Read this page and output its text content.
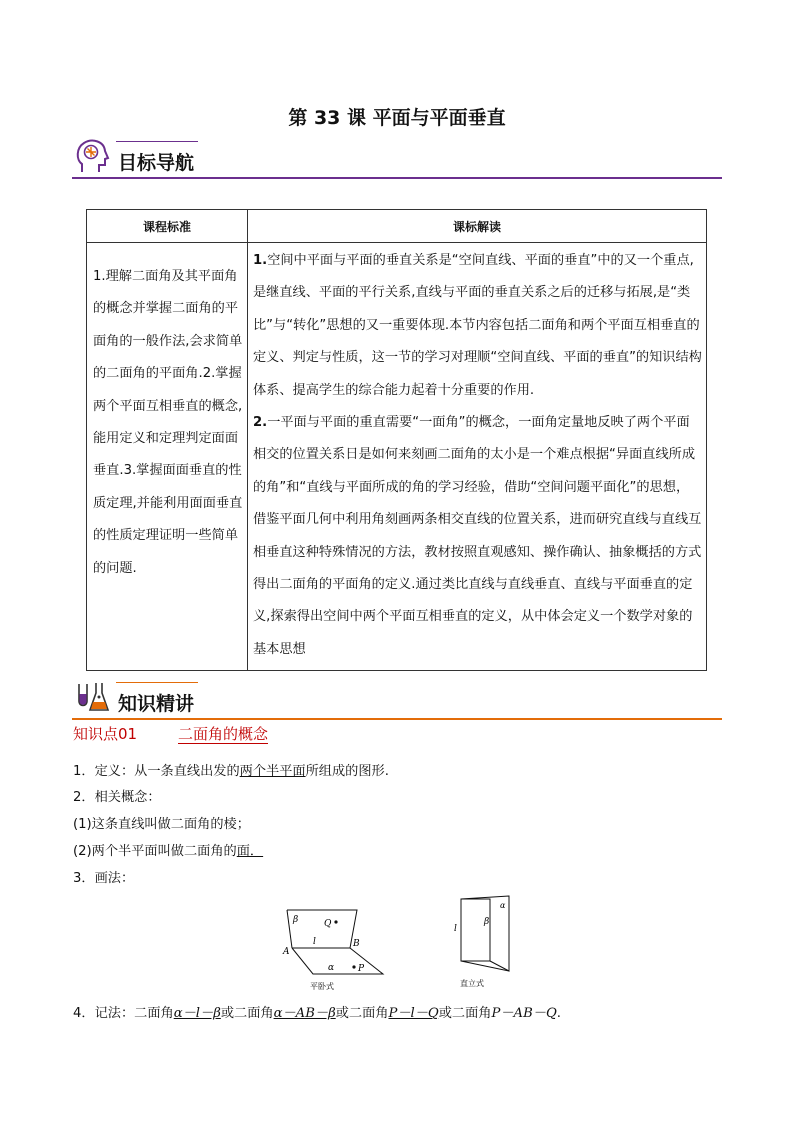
第 33 课 平面与平面垂直
目标导航
课程标准	课标解读
1.理解二面角及其平面角的概念并掌握二面角的平面角的一般作法,会求简单的二面角的平面角.2.掌握两个平面互相垂直的概念,能用定义和定理判定面面垂直.3.掌握面面垂直的性质定理,并能利用面面垂直的性质定理证明一些简单的问题.	1.空间中平面与平面的垂直关系是“空间直线、平面的垂直”中的又一个重点,是继直线、平面的平行关系,直线与平面的垂直关系之后的迁移与拓展,是“类比”与“转化”思想的又一重要体现.本节内容包括二面角和两个平面互相垂直的定义、判定与性质，这一节的学习对理顺“空间直线、平面的垂直”的知识结构体系、提高学生的综合能力起着十分重要的作用.

2.一平面与平面的重直需要“一面角”的概念，一面角定量地反映了两个平面相交的位置关系日是如何来刻画二面角的太小是一个难点根据“异面直线所成的角”和“直线与平面所成的角的学习经验，借助“空间问题平面化”的思想，借鉴平面几何中利用角刻画两条相交直线的位置关系，进而研究直线与直线互相垂直这种特殊情况的方法，教材按照直观感知、操作确认、抽象概括的方式得出二面角的平面角的定义.通过类比直线与直线垂直、直线与平面垂直的定义,探索得出空间中两个平面互相垂直的定义，从中体会定义一个数学对象的基本思想

知识精讲
知识点01	二面角的概念
1．定义：从一条直线出发的两个半平面所组成的图形.
2．相关概念：
(1)这条直线叫做二面角的棱；
(2)两个半平面叫做二面角的面．
3．画法：
β	Q
A
l	B
α	P
平卧式
α
l
β
直立式
4．记法：二面角α－l－β或二面角α－AB－β或二面角P－l－Q或二面角P－AB－Q.
